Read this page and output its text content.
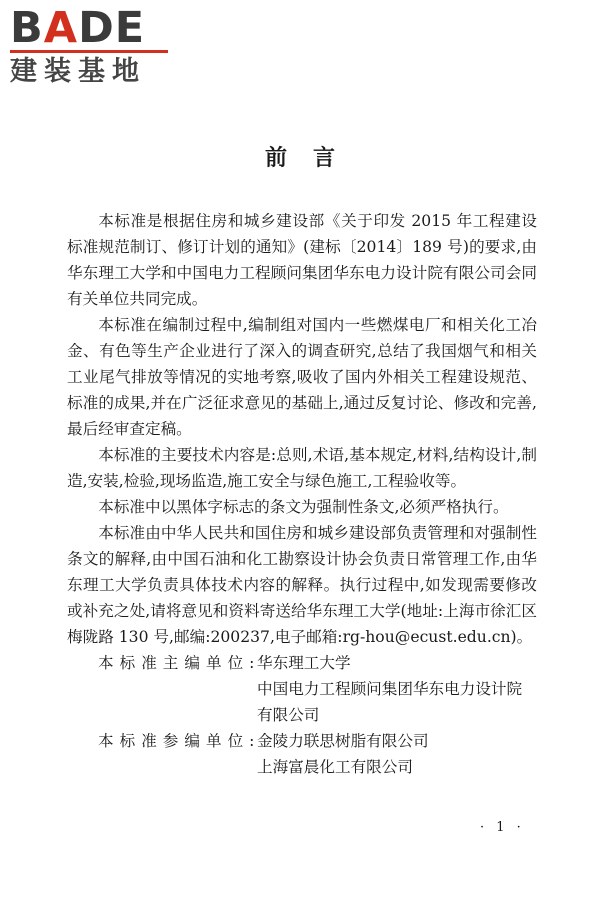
BADE
建装基地
前言

本标准是根据住房和城乡建设部《关于印发 2015 年工程建设标准规范制订、修订计划的通知》(建标〔2014〕189 号)的要求,由华东理工大学和中国电力工程顾问集团华东电力设计院有限公司会同有关单位共同完成。

本标准在编制过程中,编制组对国内一些燃煤电厂和相关化工冶金、有色等生产企业进行了深入的调查研究,总结了我国烟气和相关工业尾气排放等情况的实地考察,吸收了国内外相关工程建设规范、标准的成果,并在广泛征求意见的基础上,通过反复讨论、修改和完善,最后经审查定稿。

本标准的主要技术内容是:总则,术语,基本规定,材料,结构设计,制造,安装,检验,现场监造,施工安全与绿色施工,工程验收等。

本标准中以黑体字标志的条文为强制性条文,必须严格执行。

本标准由中华人民共和国住房和城乡建设部负责管理和对强制性条文的解释,由中国石油和化工勘察设计协会负责日常管理工作,由华东理工大学负责具体技术内容的解释。执行过程中,如发现需要修改或补充之处,请将意见和资料寄送给华东理工大学(地址:上海市徐汇区梅陇路 130 号,邮编:200237,电子邮箱:rg-hou@ecust.edu.cn)。

本标准主编单位:
华东理工大学
中国电力工程顾问集团华东电力设计院有限公司
本标准参编单位:
金陵力联思树脂有限公司
上海富晨化工有限公司
· 1 ·
